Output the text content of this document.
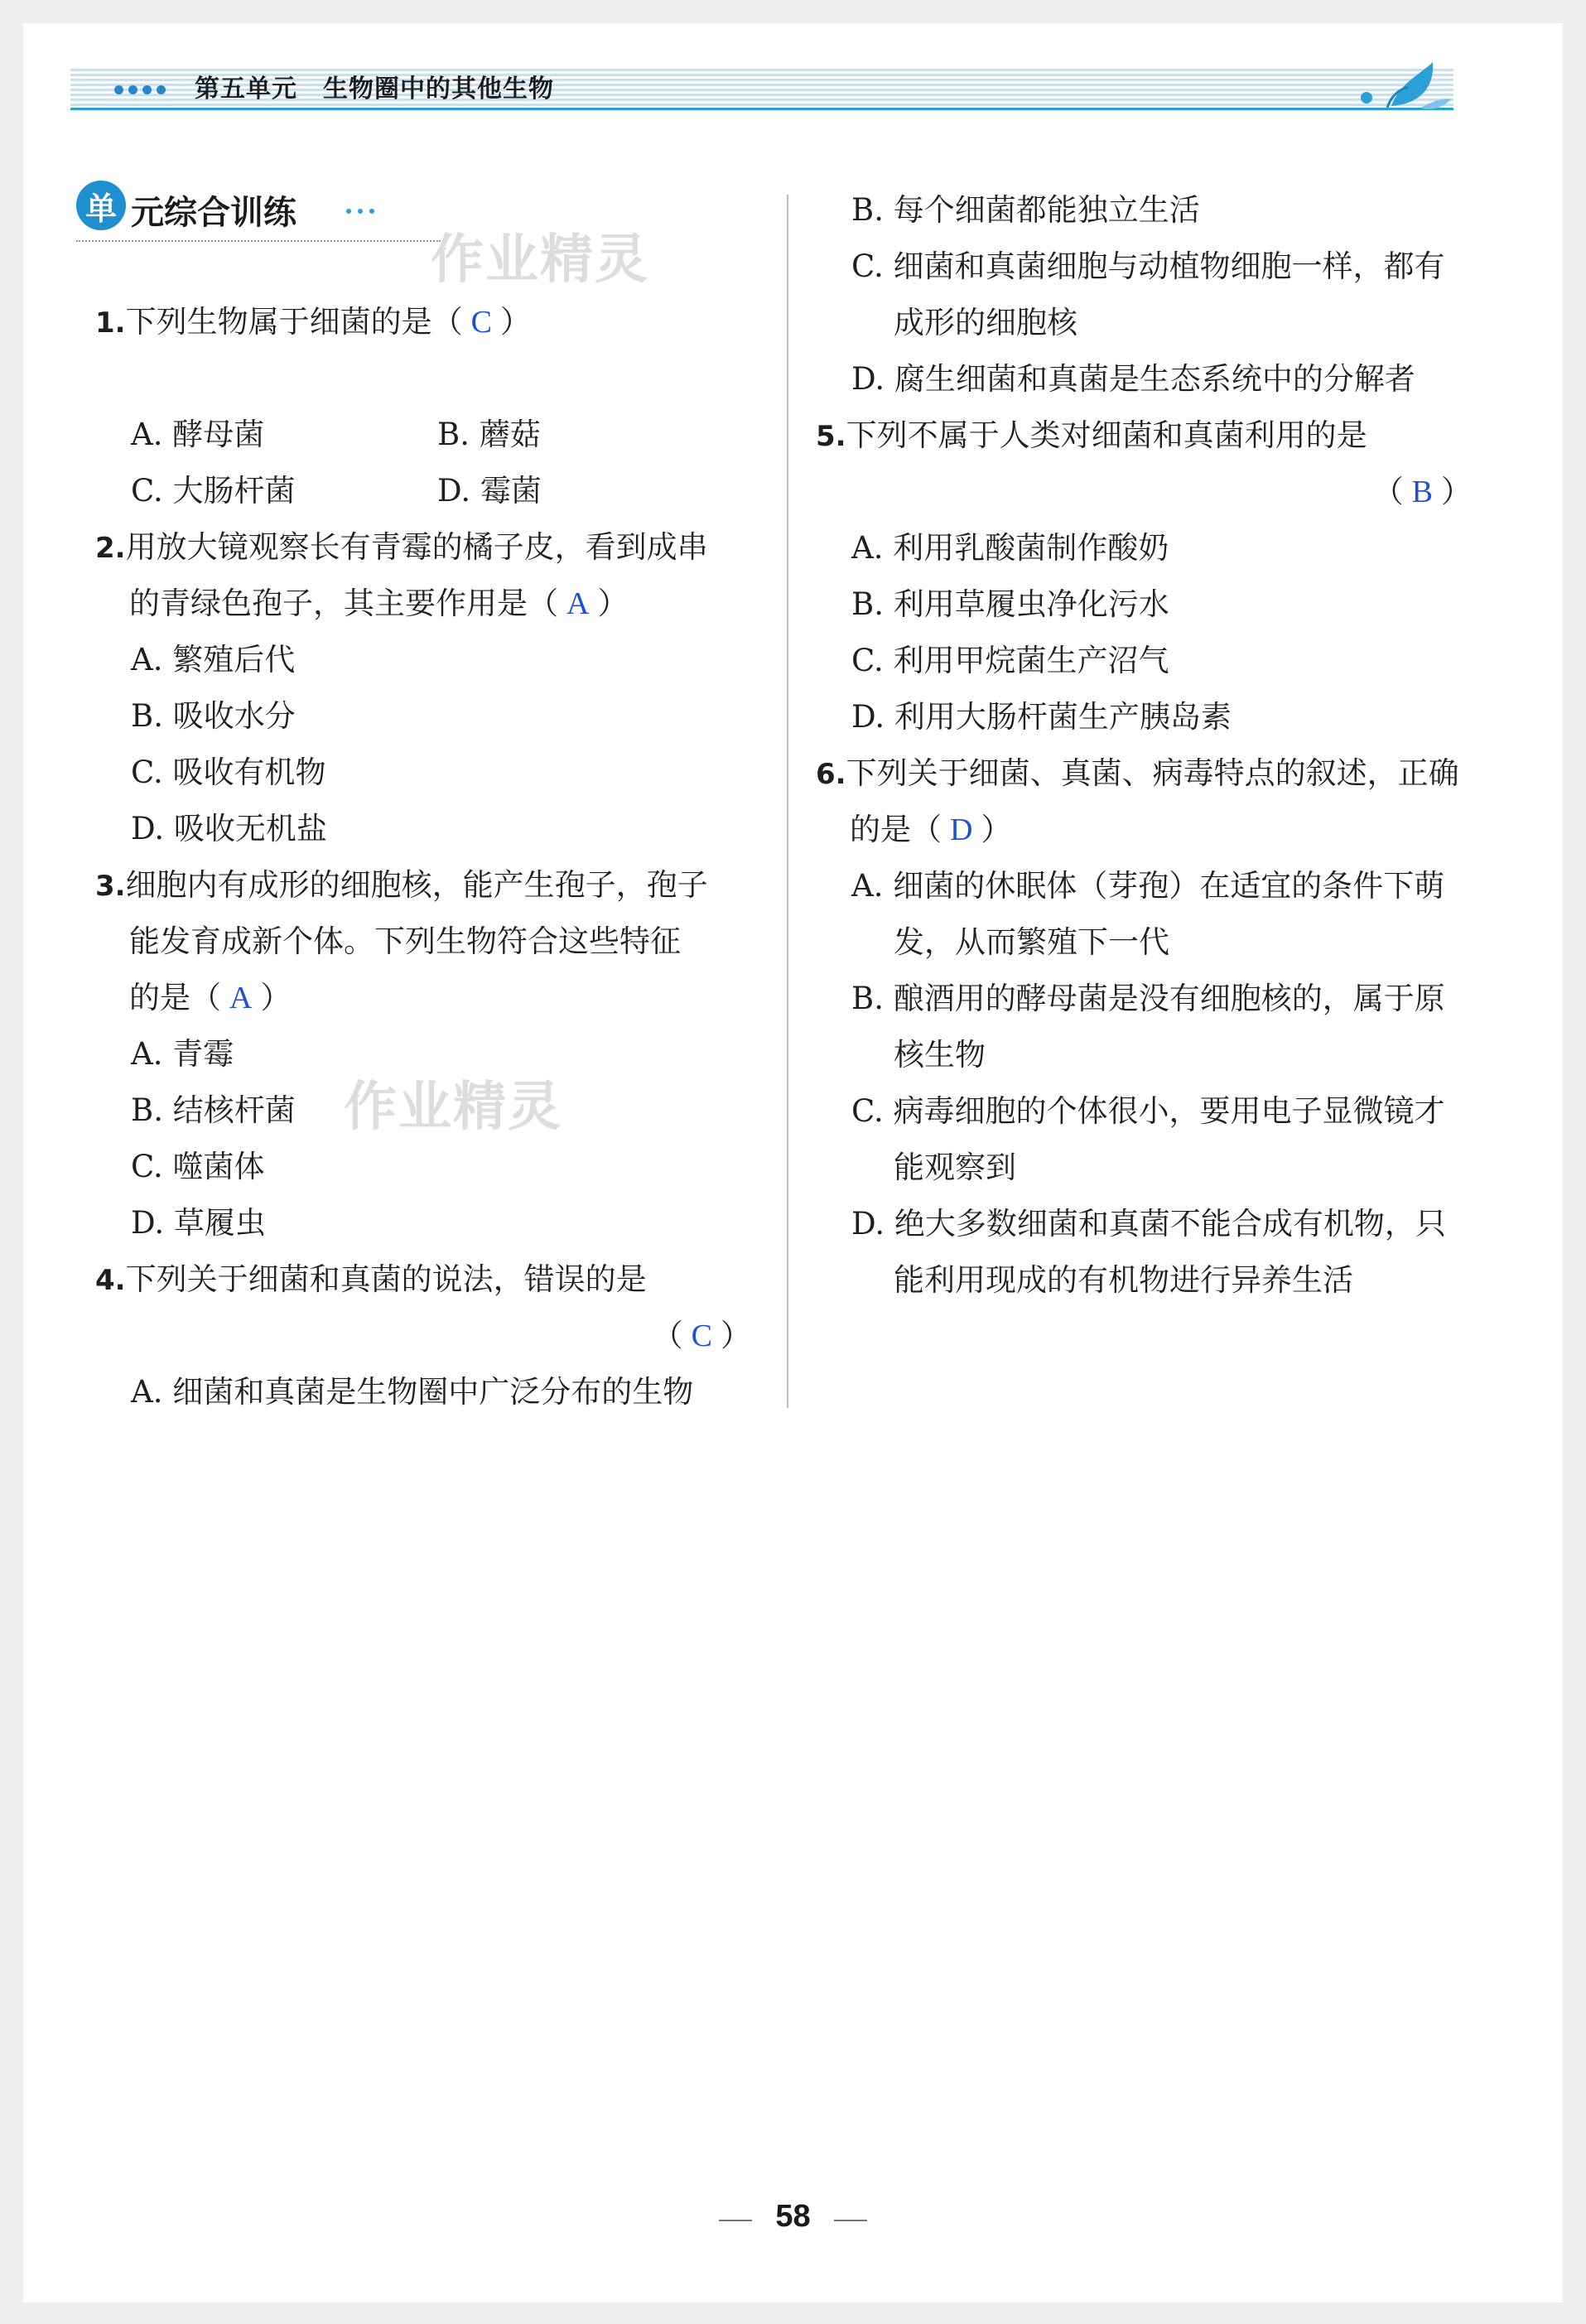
第五单元　生物圈中的其他生物
单 元综合训练
作业精灵
作业精灵
1.下列生物属于细菌的是（ C ）
A. 酵母菌	B. 蘑菇
C. 大肠杆菌	D. 霉菌
2.用放大镜观察长有青霉的橘子皮，看到成串
的青绿色孢子，其主要作用是（ A ）
A. 繁殖后代
B. 吸收水分
C. 吸收有机物
D. 吸收无机盐
3.细胞内有成形的细胞核，能产生孢子，孢子
能发育成新个体。下列生物符合这些特征
的是（ A ）
A. 青霉
B. 结核杆菌
C. 噬菌体
D. 草履虫
4.下列关于细菌和真菌的说法，错误的是
（ C ）
A. 细菌和真菌是生物圈中广泛分布的生物
B. 每个细菌都能独立生活
C. 细菌和真菌细胞与动植物细胞一样，都有
成形的细胞核
D. 腐生细菌和真菌是生态系统中的分解者
5.下列不属于人类对细菌和真菌利用的是
（ B ）
A. 利用乳酸菌制作酸奶
B. 利用草履虫净化污水
C. 利用甲烷菌生产沼气
D. 利用大肠杆菌生产胰岛素
6.下列关于细菌、真菌、病毒特点的叙述，正确
的是（ D ）
A. 细菌的休眠体（芽孢）在适宜的条件下萌
发，从而繁殖下一代
B. 酿酒用的酵母菌是没有细胞核的，属于原
核生物
C. 病毒细胞的个体很小，要用电子显微镜才
能观察到
D. 绝大多数细菌和真菌不能合成有机物，只
能利用现成的有机物进行异养生活
58
